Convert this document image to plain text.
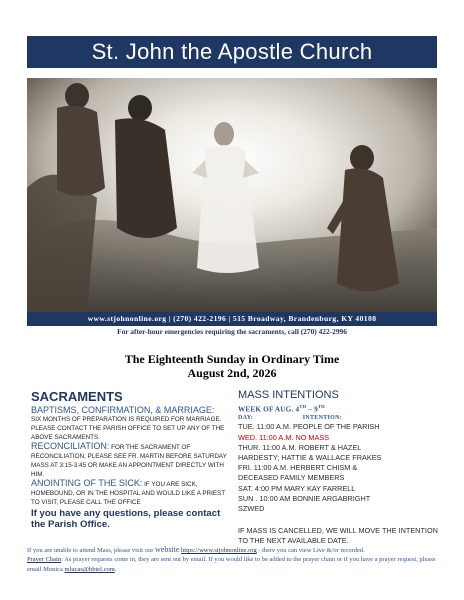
St. John the Apostle Church
www.stjohnonline.org | (270) 422-2196 | 515 Broadway, Brandenburg, KY 40108
For after-hour emergencies requiring the sacraments, call (270) 422-2996
The Eighteenth Sunday in Ordinary Time
August 2nd, 2026
SACRAMENTS
BAPTISMS, CONFIRMATION, & MARRIAGE:
SIX MONTHS OF PREPARATION IS REQUIRED FOR MARRIAGE. PLEASE CONTACT THE PARISH OFFICE TO SET UP ANY OF THE ABOVE SACRAMENTS.
RECONCILIATION: FOR THE SACRAMENT OF RECONCILIATION, PLEASE SEE FR. MARTIN BEFORE SATURDAY MASS AT 3:15-3:45 OR MAKE AN APPOINTMENT DIRECTLY WITH HIM.
ANOINTING OF THE SICK: IF YOU ARE SICK, HOMEBOUND, OR IN THE HOSPITAL AND WOULD LIKE A PRIEST TO VISIT, PLEASE CALL THE OFFICE
If you have any questions, please contact the Parish Office.
MASS INTENTIONS
WEEK OF AUG. 4TH – 9TH
DAY:	INTENTION:
TUE. 11:00 A.M. PEOPLE OF THE PARISH
WED. 11:00 A.M. NO MASS
THUR. 11:00 A.M. ROBERT & HAZEL
HARDESTY; HATTIE & WALLACE FRAKES
FRI. 11:00 A.M. HERBERT CHISM &
DECEASED FAMILY MEMBERS
SAT. 4:00 PM MARY KAY FARRELL
SUN . 10:00 AM BONNIE ARGABRIGHT
SZWED
IF MASS IS CANCELLED, WE WILL MOVE THE INTENTION TO THE NEXT AVAILABLE DATE.
If you are unable to attend Mass, please visit our website https://www.stjohnonline.org - there you can view Live &/or recorded.
Prayer Chain: As prayer requests come in, they are sent out by email. If you would like to be added to the prayer chain or if you have a prayer request, please email Monica mlucas@bbtel.com.
